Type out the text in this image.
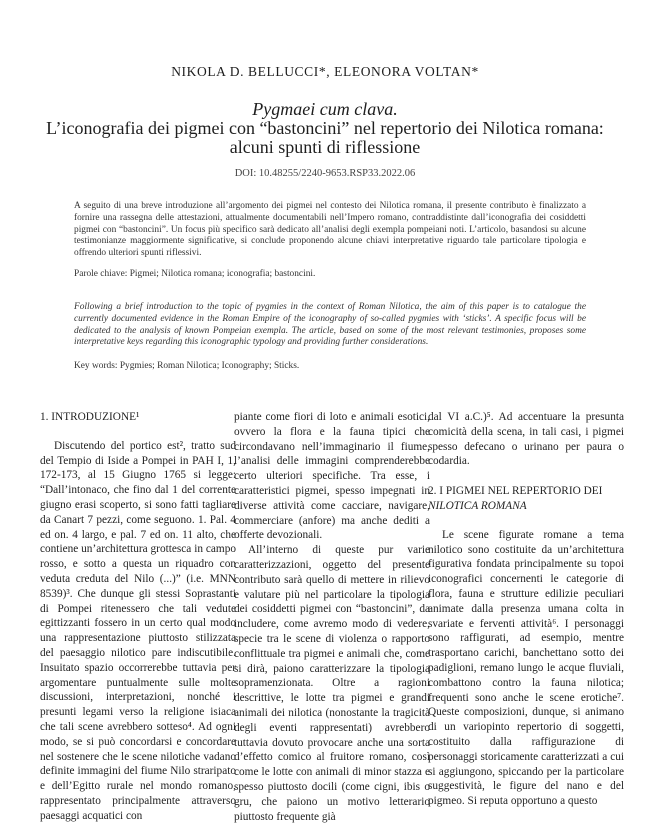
NIKOLA D. BELLUCCI*, ELEONORA VOLTAN*
Pygmaei cum clava.
L’iconografia dei pigmei con “bastoncini” nel repertorio dei Nilotica romana:
alcuni spunti di riflessione
DOI: 10.48255/2240-9653.RSP33.2022.06
A seguito di una breve introduzione all’argomento dei pigmei nel contesto dei Nilotica romana, il presente contributo è finalizzato a fornire una rassegna delle attestazioni, attualmente documentabili nell’Impero romano, contraddistinte dall’iconografia dei cosiddetti pigmei con “bastoncini”. Un focus più specifico sarà dedicato all’analisi degli exempla pompeiani noti. L’articolo, basandosi su alcune testimonianze maggiormente significative, si conclude proponendo alcune chiavi interpretative riguardo tale particolare tipologia e offrendo ulteriori spunti riflessivi.
Parole chiave: Pigmei; Nilotica romana; iconografia; bastoncini.
Following a brief introduction to the topic of pygmies in the context of Roman Nilotica, the aim of this paper is to catalogue the currently documented evidence in the Roman Empire of the iconography of so-called pygmies with ‘sticks’. A specific focus will be dedicated to the analysis of known Pompeian exempla. The article, based on some of the most relevant testimonies, proposes some interpretative keys regarding this iconographic typology and providing further considerations.
Key words: Pygmies; Roman Nilotica; Iconography; Sticks.
1. INTRODUZIONE¹

Discutendo del portico est², tratto sud del Tempio di Iside a Pompei in PAH I, 1, 172-173, al 15 Giugno 1765 si legge: “Dall’intonaco, che fino dal 1 del corrente giugno erasi scoperto, si sono fatti tagliare da Canart 7 pezzi, come seguono. 1. Pal. 4 ed on. 4 largo, e pal. 7 ed on. 11 alto, che contiene un’architettura grottesca in campo rosso, e sotto a questa un riquadro con veduta creduta del Nilo (...)” (i.e. MNN 8539)³. Che dunque gli stessi Soprastanti di Pompei ritenessero che tali vedute egittizzanti fossero in un certo qual modo una rappresentazione piuttosto stilizzata del paesaggio nilotico pare indiscutibile. Insuitato spazio occorrerebbe tuttavia per argomentare puntualmente sulle molte discussioni, interpretazioni, nonché i presunti legami verso la religione isiaca che tali scene avrebbero sotteso⁴. Ad ogni modo, se si può concordarsi e concordare nel sostenere che le scene nilotiche vadano definite immagini del fiume Nilo straripato e dell’Egitto rurale nel mondo romano, rappresentato principalmente attraverso paesaggi acquatici con

piante come fiori di loto e animali esotici, ovvero la flora e la fauna tipici che circondavano nell’immaginario il fiume, l’analisi delle immagini comprenderebbe certo ulteriori specifiche. Tra esse, i caratteristici pigmei, spesso impegnati in diverse attività come cacciare, navigare, commerciare (anfore) ma anche dediti a offerte devozionali.

All’interno di queste pur varie caratterizzazioni, oggetto del presente contributo sarà quello di mettere in rilievo e valutare più nel particolare la tipologia dei cosiddetti pigmei con “bastoncini”, da includere, come avremo modo di vedere, specie tra le scene di violenza o rapporto conflittuale tra pigmei e animali che, come si dirà, paiono caratterizzare la tipologia sopramenzionata. Oltre a ragioni descrittive, le lotte tra pigmei e grandi animali dei nilotica (nonostante la tragicità degli eventi rappresentati) avrebbero tuttavia dovuto provocare anche una sorta d’effetto comico al fruitore romano, così come le lotte con animali di minor stazza e spesso piuttosto docili (come cigni, ibis o gru, che paiono un motivo letterario piuttosto frequente già

dal VI a.C.)⁵. Ad accentuare la presunta comicità della scena, in tali casi, i pigmei spesso defecano o urinano per paura o codardia.

2. I PIGMEI NEL REPERTORIO DEI
NILOTICA ROMANA

Le scene figurate romane a tema nilotico sono costituite da un’architettura figurativa fondata principalmente su topoi iconografici concernenti le categorie di flora, fauna e strutture edilizie peculiari animate dalla presenza umana colta in svariate e ferventi attività⁶. I personaggi sono raffigurati, ad esempio, mentre trasportano carichi, banchettano sotto dei padiglioni, remano lungo le acque fluviali, combattono contro la fauna nilotica; frequenti sono anche le scene erotiche⁷. Queste composizioni, dunque, si animano di un variopinto repertorio di soggetti, costituito dalla raffigurazione di personaggi storicamente caratterizzati a cui si aggiungono, spiccando per la particolare suggestività, le figure del nano e del pigmeo. Si reputa opportuno a questo
